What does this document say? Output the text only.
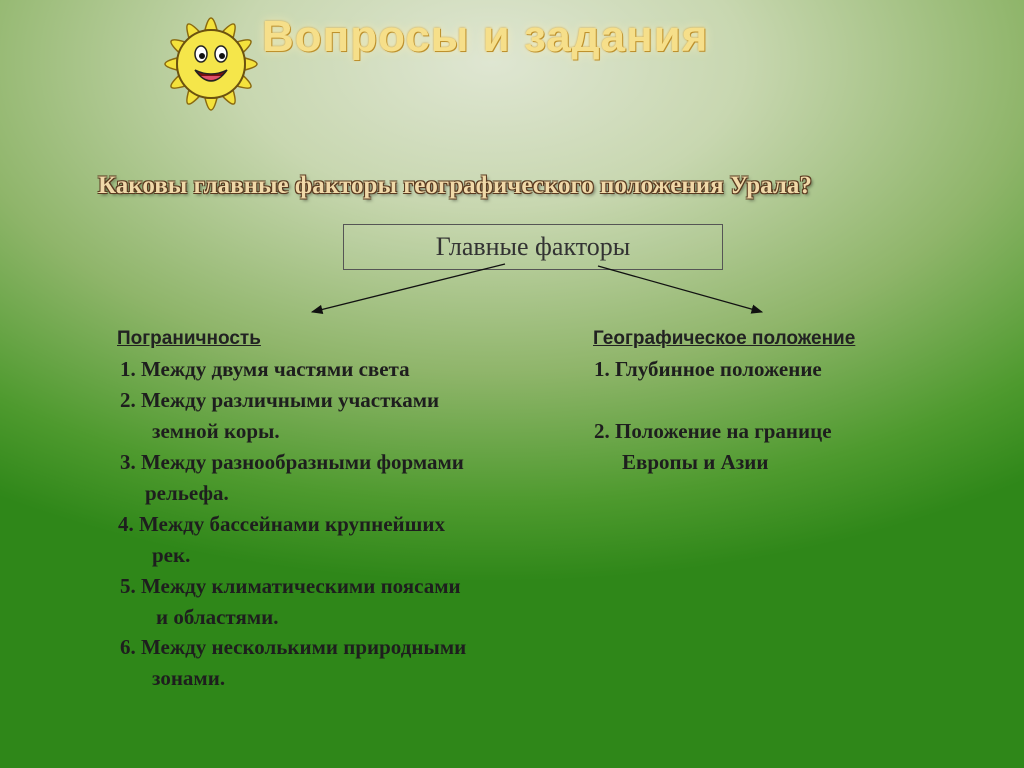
Вопросы и задания

Каковы главные факторы географического положения Урала?

Главные факторы

Пограничность

1. Между двумя частями света

2. Между различными участками

земной коры.

3. Между разнообразными формами

рельефа.

4. Между бассейнами крупнейших

рек.

5. Между климатическими поясами

и областями.

6. Между несколькими природными

зонами.

Географическое положение

1. Глубинное положение

2. Положение на границе

Европы и Азии
